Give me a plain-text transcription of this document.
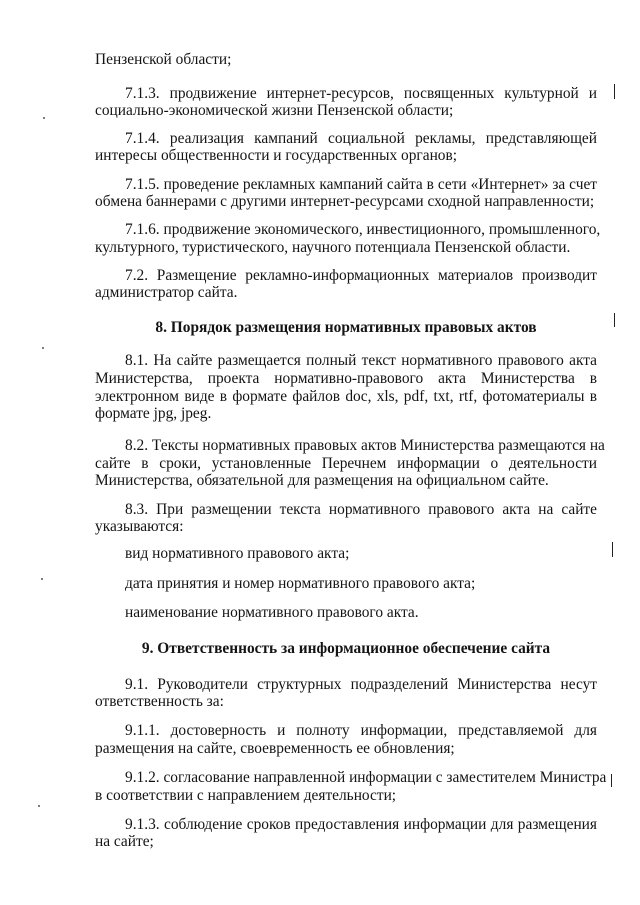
Пензенской области;

7.1.3. продвижение интернет-ресурсов, посвященных культурной и

социально-экономической жизни Пензенской области;

7.1.4. реализация кампаний социальной рекламы, представляющей

интересы общественности и государственных органов;

7.1.5. проведение рекламных кампаний сайта в сети «Интернет» за счет

обмена баннерами с другими интернет-ресурсами сходной направленности;

7.1.6. продвижение экономического, инвестиционного, промышленного,

культурного, туристического, научного потенциала Пензенской области.

7.2. Размещение рекламно-информационных материалов производит

администратор сайта.

8. Порядок размещения нормативных правовых актов

8.1. На сайте размещается полный текст нормативного правового акта

Министерства, проекта нормативно-правового акта Министерства в

электронном виде в формате файлов doc, xls, pdf, txt, rtf, фотоматериалы в

формате jpg, jpeg.

8.2. Тексты нормативных правовых актов Министерства размещаются на

сайте в сроки, установленные Перечнем информации о деятельности

Министерства, обязательной для размещения на официальном сайте.

8.3. При размещении текста нормативного правового акта на сайте

указываются:

вид нормативного правового акта;

дата принятия и номер нормативного правового акта;

наименование нормативного правового акта.

9. Ответственность за информационное обеспечение сайта

9.1. Руководители структурных подразделений Министерства несут

ответственность за:

9.1.1. достоверность и полноту информации, представляемой для

размещения на сайте, своевременность ее обновления;

9.1.2. согласование направленной информации с заместителем Министра

в соответствии с направлением деятельности;

9.1.3. соблюдение сроков предоставления информации для размещения

на сайте;
